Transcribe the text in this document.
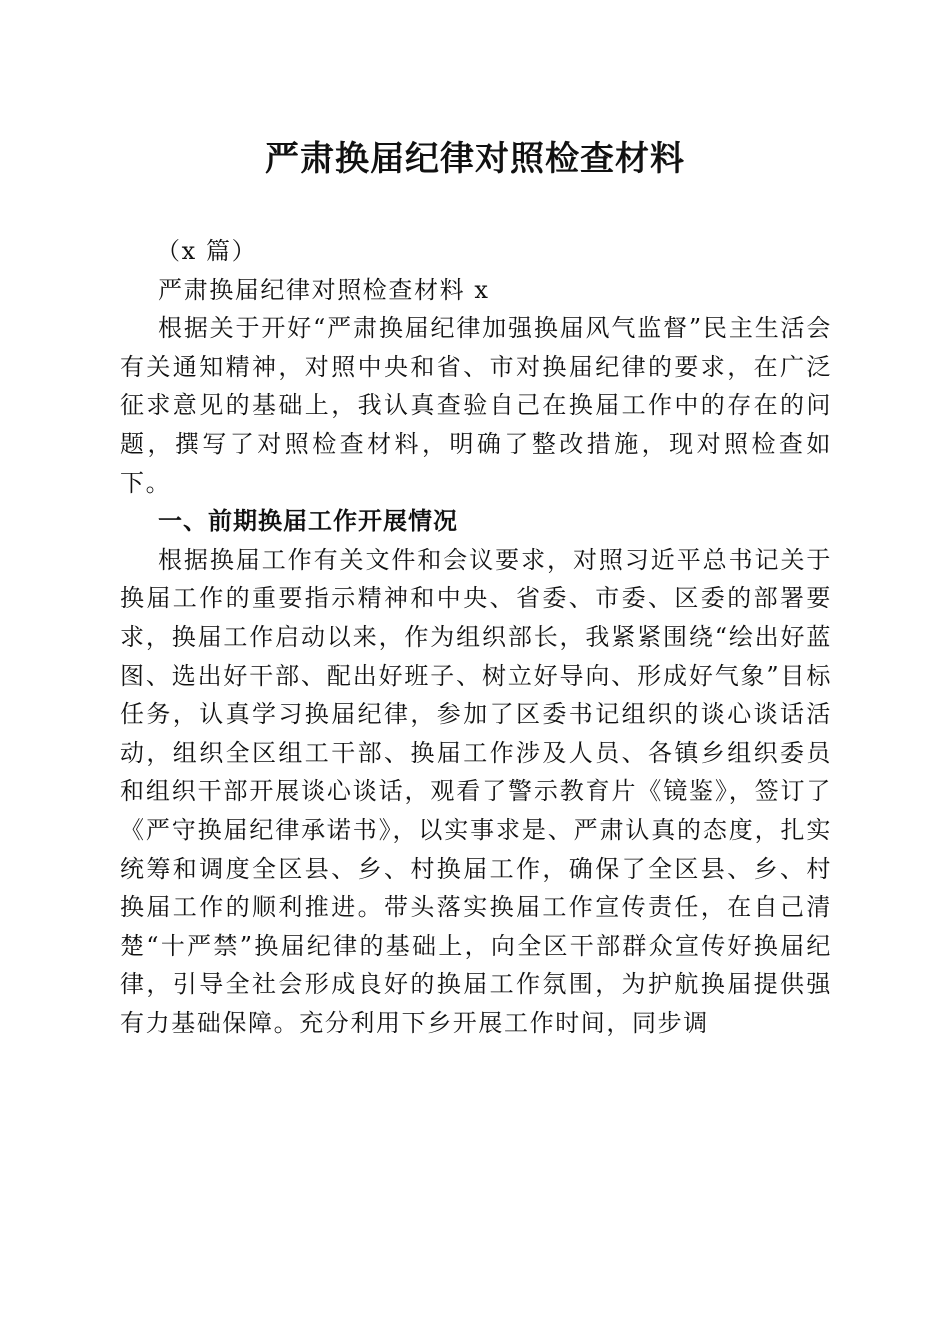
严肃换届纪律对照检查材料

（x 篇）

严肃换届纪律对照检查材料 x

根据关于开好“严肃换届纪律加强换届风气监督”民主生活会有关通知精神，对照中央和省、市对换届纪律的要求，在广泛征求意见的基础上，我认真查验自己在换届工作中的存在的问题，撰写了对照检查材料，明确了整改措施，现对照检查如下。

一、前期换届工作开展情况

根据换届工作有关文件和会议要求，对照习近平总书记关于换届工作的重要指示精神和中央、省委、市委、区委的部署要求，换届工作启动以来，作为组织部长，我紧紧围绕“绘出好蓝图、选出好干部、配出好班子、树立好导向、形成好气象”目标任务，认真学习换届纪律，参加了区委书记组织的谈心谈话活动，组织全区组工干部、换届工作涉及人员、各镇乡组织委员和组织干部开展谈心谈话，观看了警示教育片《镜鉴》，签订了《严守换届纪律承诺书》，以实事求是、严肃认真的态度，扎实统筹和调度全区县、乡、村换届工作，确保了全区县、乡、村换届工作的顺利推进。带头落实换届工作宣传责任，在自己清楚“十严禁”换届纪律的基础上，向全区干部群众宣传好换届纪律，引导全社会形成良好的换届工作氛围，为护航换届提供强有力基础保障。充分利用下乡开展工作时间，同步调
